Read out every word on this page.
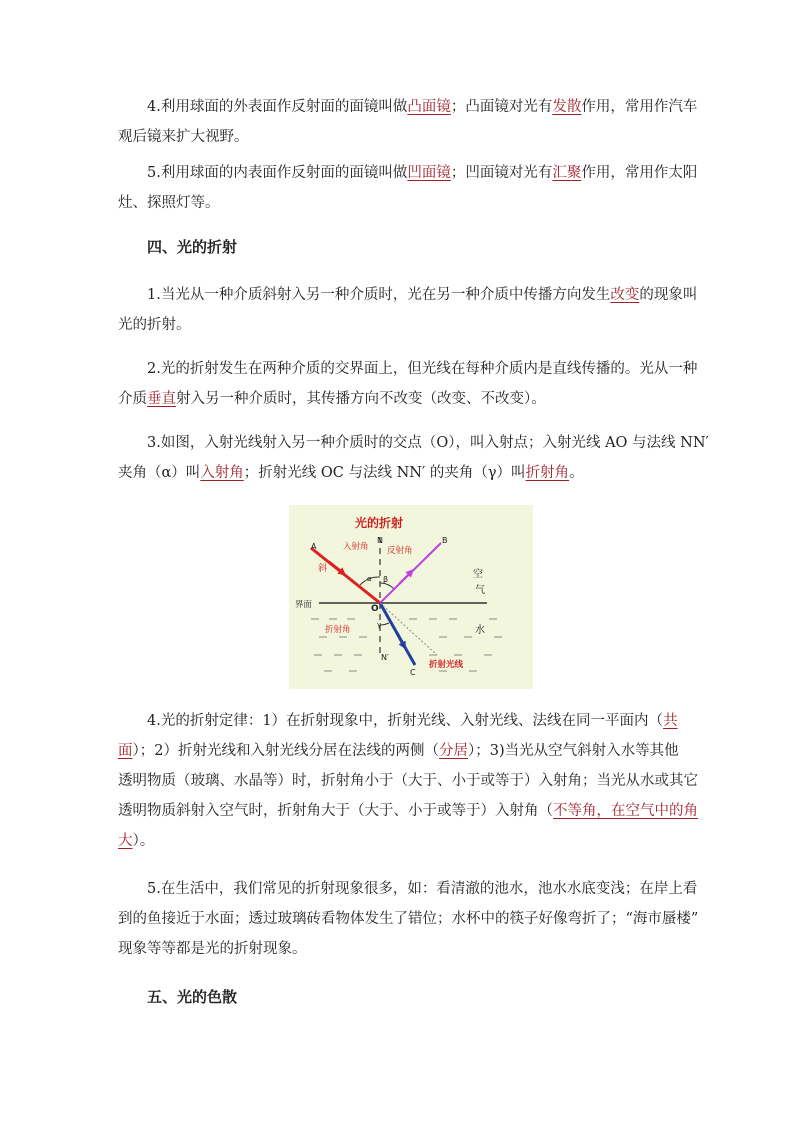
4.利用球面的外表面作反射面的面镜叫做凸面镜；凸面镜对光有发散作用，常用作汽车
观后镜来扩大视野。

5.利用球面的内表面作反射面的面镜叫做凹面镜；凹面镜对光有汇聚作用，常用作太阳
灶、探照灯等。

四、光的折射

1.当光从一种介质斜射入另一种介质时，光在另一种介质中传播方向发生改变的现象叫
光的折射。

2.光的折射发生在两种介质的交界面上，但光线在每种介质内是直线传播的。光从一种
介质垂直射入另一种介质时，其传播方向不改变（改变、不改变）。

3.如图，入射光线射入另一种介质时的交点（O），叫入射点；入射光线 AO 与法线 NN′
夹角（α）叫入射角；折射光线 OC 与法线 NN′ 的夹角（γ）叫折射角。

光的折射
入射角 反射角
N
N′
A
B
C
O
α β
γ
斜	空
气
界面
折射角	水
折射光线

4.光的折射定律：1）在折射现象中，折射光线、入射光线、法线在同一平面内（共
面）；2）折射光线和入射光线分居在法线的两侧（分居）；3)当光从空气斜射入水等其他
透明物质（玻璃、水晶等）时，折射角小于（大于、小于或等于）入射角；当光从水或其它
透明物质斜射入空气时，折射角大于（大于、小于或等于）入射角（不等角，在空气中的角
大）。

5.在生活中，我们常见的折射现象很多，如：看清澈的池水，池水水底变浅；在岸上看
到的鱼接近于水面；透过玻璃砖看物体发生了错位；水杯中的筷子好像弯折了；“海市蜃楼”
现象等等都是光的折射现象。

五、光的色散
